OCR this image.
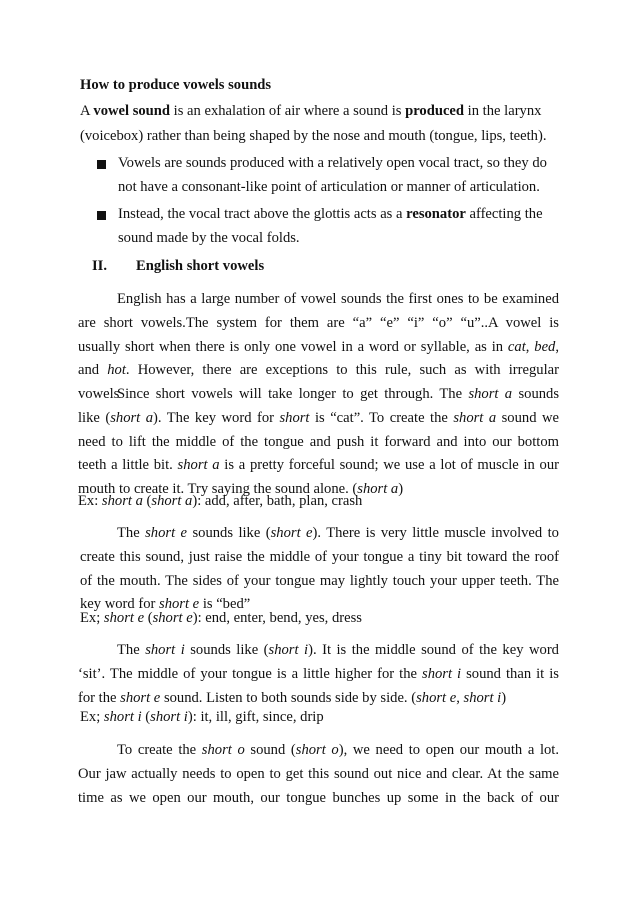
How to produce vowels sounds
A vowel sound is an exhalation of air where a sound is produced in the larynx
(voicebox) rather than being shaped by the nose and mouth (tongue, lips, teeth).
Vowels are sounds produced with a relatively open vocal tract, so they do
not have a consonant-like point of articulation or manner of articulation.
Instead, the vocal tract above the glottis acts as a resonator affecting the
sound made by the vocal folds.
II. English short vowels
English has a large number of vowel sounds the first ones to be examined
are short vowels.The system for them are “a” “e” “i” “o” “u”..A vowel is
usually short when there is only one vowel in a word or syllable, as in cat, bed,
and hot. However, there are exceptions to this rule, such as with irregular
vowels
Since short vowels will take longer to get through. The short a sounds
like (short a). The key word for short is “cat”. To create the short a sound we
need to lift the middle of the tongue and push it forward and into our bottom
teeth a little bit. short a is a pretty forceful sound; we use a lot of muscle in our
mouth to create it. Try saying the sound alone. (short a)
Ex: short a (short a): add, after, bath, plan, crash
The short e sounds like (short e). There is very little muscle involved to
create this sound, just raise the middle of your tongue a tiny bit toward the roof
of the mouth. The sides of your tongue may lightly touch your upper teeth. The
key word for short e is “bed”
Ex; short e (short e): end, enter, bend, yes, dress
The short i sounds like (short i). It is the middle sound of the key word
‘sit’. The middle of your tongue is a little higher for the short i sound than it is
for the short e sound. Listen to both sounds side by side. (short e, short i)
Ex; short i (short i): it, ill, gift, since, drip
To create the short o sound (short o), we need to open our mouth a lot.
Our jaw actually needs to open to get this sound out nice and clear. At the same
time as we open our mouth, our tongue bunches up some in the back of our
